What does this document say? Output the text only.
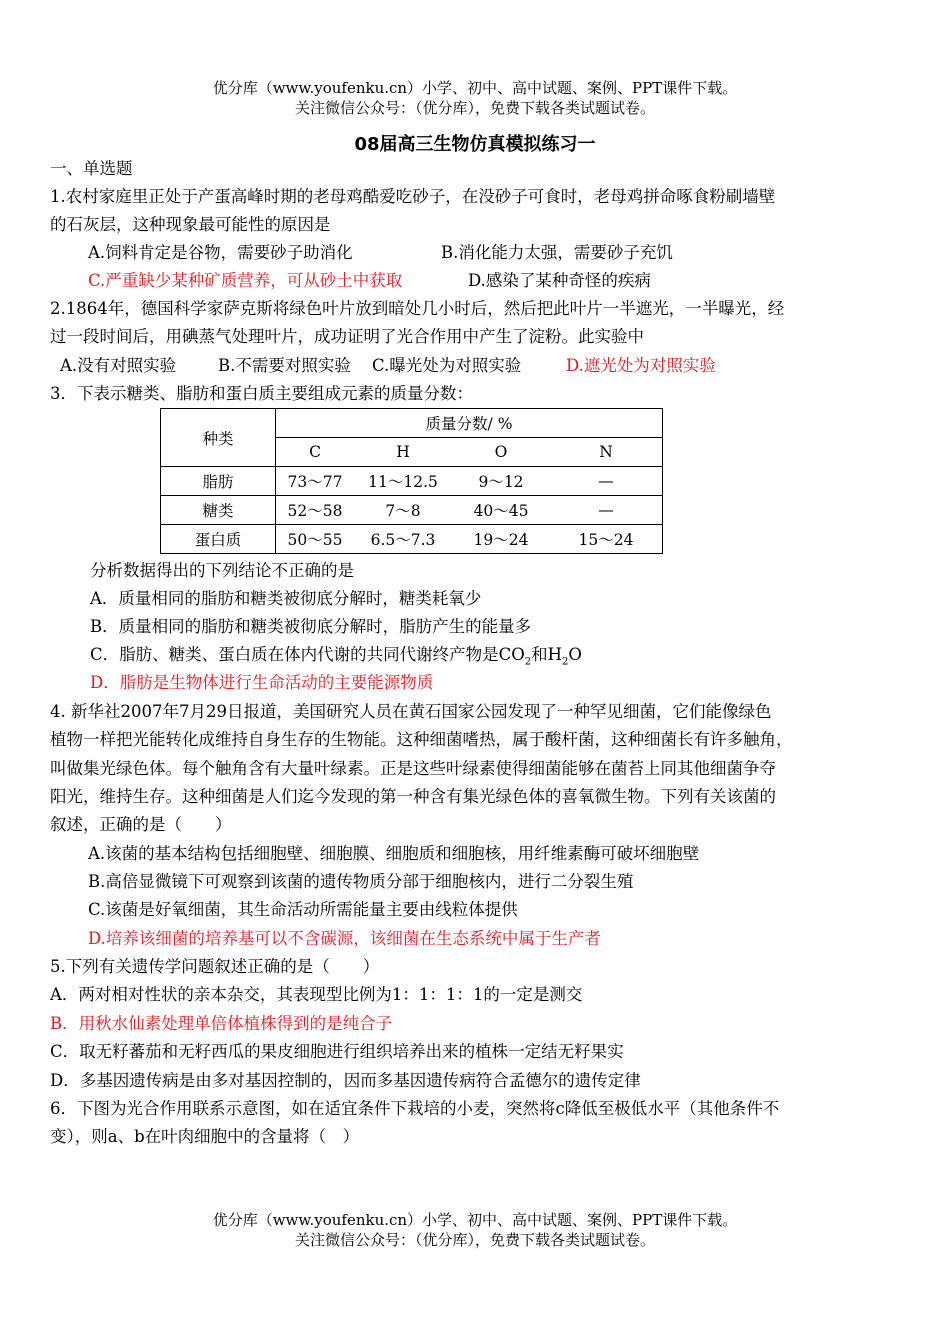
优分库（www.youfenku.cn）小学、初中、高中试题、案例、PPT课件下载。
关注微信公众号：（优分库），免费下载各类试题试卷。
08届高三生物仿真模拟练习一
一、单选题
1.农村家庭里正处于产蛋高峰时期的老母鸡酷爱吃砂子，在没砂子可食时，老母鸡拼命啄食粉刷墙壁
的石灰层，这种现象最可能性的原因是
A.饲料肯定是谷物，需要砂子助消化	B.消化能力太强，需要砂子充饥
C.严重缺少某种矿质营养，可从砂土中获取	D.感染了某种奇怪的疾病
2.1864年，德国科学家萨克斯将绿色叶片放到暗处几小时后，然后把此叶片一半遮光，一半曝光，经
过一段时间后，用碘蒸气处理叶片，成功证明了光合作用中产生了淀粉。此实验中
A.没有对照实验	B.不需要对照实验 C.曝光处为对照实验	D.遮光处为对照实验
3．下表示糖类、脂肪和蛋白质主要组成元素的质量分数：
种类	质量分数/ %			
	C	H	O	N
脂肪	73～77	11～12.5	9～12	—
糖类	52～58	7～8	40～45	—
蛋白质	50～55	6.5～7.3	19～24	15～24
分析数据得出的下列结论不正确的是
A．质量相同的脂肪和糖类被彻底分解时，糖类耗氧少
B．质量相同的脂肪和糖类被彻底分解时，脂肪产生的能量多
C．脂肪、糖类、蛋白质在体内代谢的共同代谢终产物是$CO_2$和$H_2O$
D．脂肪是生物体进行生命活动的主要能源物质
4. 新华社2007年7月29日报道，美国研究人员在黄石国家公园发现了一种罕见细菌，它们能像绿色
植物一样把光能转化成维持自身生存的生物能。这种细菌嗜热，属于酸杆菌，这种细菌长有许多触角，
叫做集光绿色体。每个触角含有大量叶绿素。正是这些叶绿素使得细菌能够在菌苔上同其他细菌争夺
阳光，维持生存。这种细菌是人们迄今发现的第一种含有集光绿色体的喜氧微生物。下列有关该菌的
叙述，正确的是（　　）
A.该菌的基本结构包括细胞壁、细胞膜、细胞质和细胞核，用纤维素酶可破坏细胞壁
B.高倍显微镜下可观察到该菌的遗传物质分部于细胞核内，进行二分裂生殖
C.该菌是好氧细菌，其生命活动所需能量主要由线粒体提供
D.培养该细菌的培养基可以不含碳源，该细菌在生态系统中属于生产者
5.下列有关遗传学问题叙述正确的是（　　）
A．两对相对性状的亲本杂交，其表现型比例为1：1：1：1的一定是测交
B．用秋水仙素处理单倍体植株得到的是纯合子
C．取无籽蕃茄和无籽西瓜的果皮细胞进行组织培养出来的植株一定结无籽果实
D．多基因遗传病是由多对基因控制的，因而多基因遗传病符合孟德尔的遗传定律
6．下图为光合作用联系示意图，如在适宜条件下栽培的小麦，突然将c降低至极低水平（其他条件不
变），则a、b在叶肉细胞中的含量将（　）
优分库（www.youfenku.cn）小学、初中、高中试题、案例、PPT课件下载。
关注微信公众号：（优分库），免费下载各类试题试卷。
